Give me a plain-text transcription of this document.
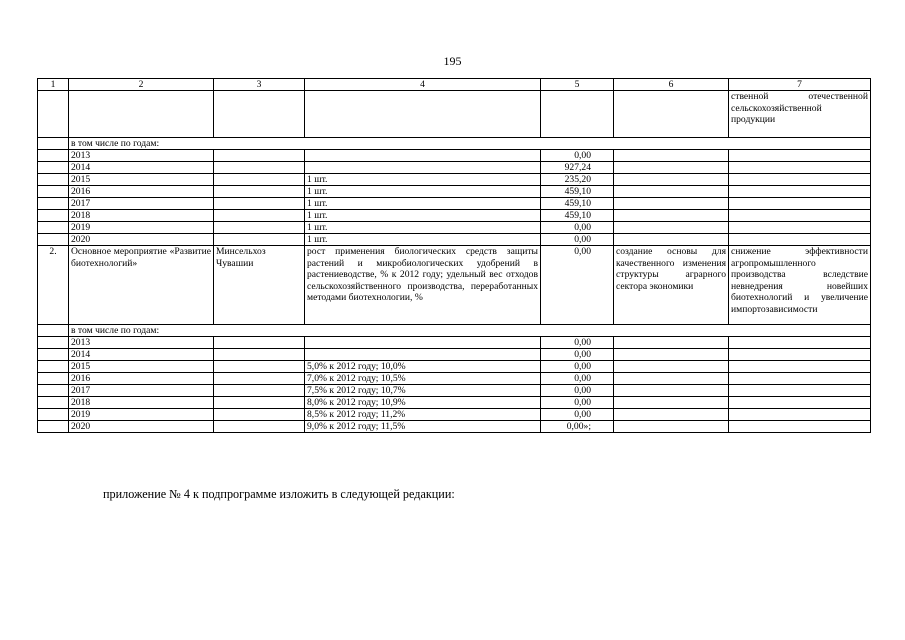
195
1	2	3	4	5	6	7
						ственной отечественной сельскохозяйственной продукции
	в том числе по годам:					
	2013			0,00		
	2014			927,24		
	2015		1 шт.	235,20		
	2016		1 шт.	459,10		
	2017		1 шт.	459,10		
	2018		1 шт.	459,10		
	2019		1 шт.	0,00		
	2020		1 шт.	0,00		
2.	Основное мероприятие «Развитие биотехнологий»	Минсельхоз Чувашии	рост применения биологических средств защиты растений и микробиологических удобрений в растениеводстве, % к 2012 году; удельный вес отходов сельскохозяйственного производства, переработанных методами биотехнологии, %	0,00	создание основы для качественного изменения структуры аграрного сектора экономики	снижение эффективности агропромышленного производства вследствие невнедрения новейших биотехнологий и увеличение импортозависимости
	в том числе по годам:					
	2013			0,00		
	2014			0,00		
	2015		5,0% к 2012 году; 10,0%	0,00		
	2016		7,0% к 2012 году; 10,5%	0,00		
	2017		7,5% к 2012 году; 10,7%	0,00		
	2018		8,0% к 2012 году; 10,9%	0,00		
	2019		8,5% к 2012 году; 11,2%	0,00		
	2020		9,0% к 2012 году; 11,5%	0,00»;		
приложение № 4 к подпрограмме изложить в следующей редакции:
